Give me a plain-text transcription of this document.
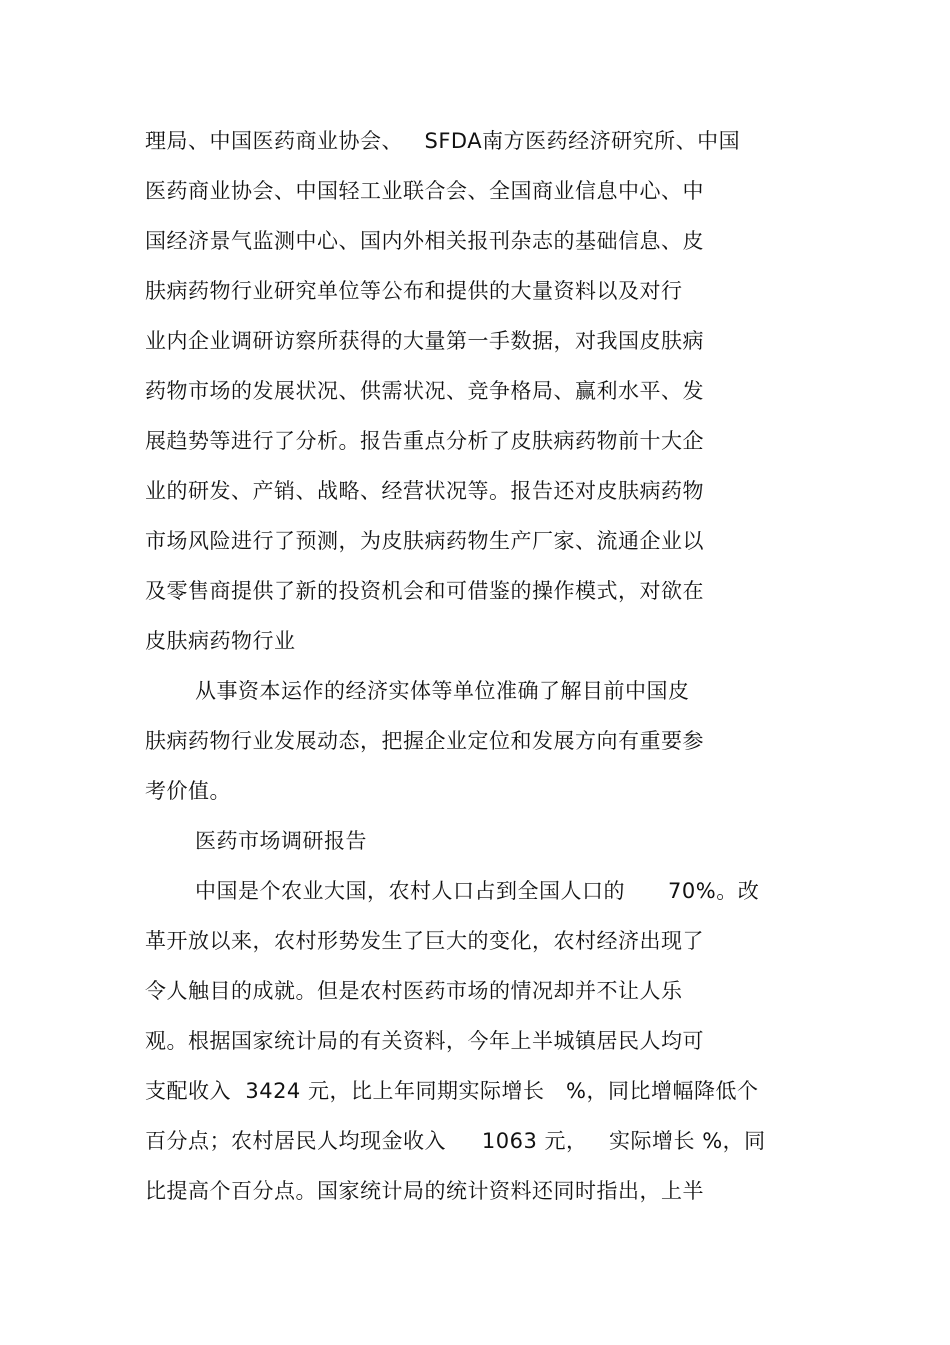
理局、中国医药商业协会、   SFDA南方医药经济研究所、中国
医药商业协会、中国轻工业联合会、全国商业信息中心、中
国经济景气监测中心、国内外相关报刊杂志的基础信息、皮
肤病药物行业研究单位等公布和提供的大量资料以及对行
业内企业调研访察所获得的大量第一手数据，对我国皮肤病
药物市场的发展状况、供需状况、竞争格局、赢利水平、发
展趋势等进行了分析。报告重点分析了皮肤病药物前十大企
业的研发、产销、战略、经营状况等。报告还对皮肤病药物
市场风险进行了预测，为皮肤病药物生产厂家、流通企业以
及零售商提供了新的投资机会和可借鉴的操作模式，对欲在
皮肤病药物行业
从事资本运作的经济实体等单位准确了解目前中国皮
肤病药物行业发展动态，把握企业定位和发展方向有重要参
考价值。
医药市场调研报告
中国是个农业大国，农村人口占到全国人口的      70%。改
革开放以来，农村形势发生了巨大的变化，农村经济出现了
令人触目的成就。但是农村医药市场的情况却并不让人乐
观。根据国家统计局的有关资料，今年上半城镇居民人均可
支配收入  3424 元，比上年同期实际增长   %，同比增幅降低个
百分点；农村居民人均现金收入     1063 元，   实际增长 %，同
比提高个百分点。国家统计局的统计资料还同时指出，上半
